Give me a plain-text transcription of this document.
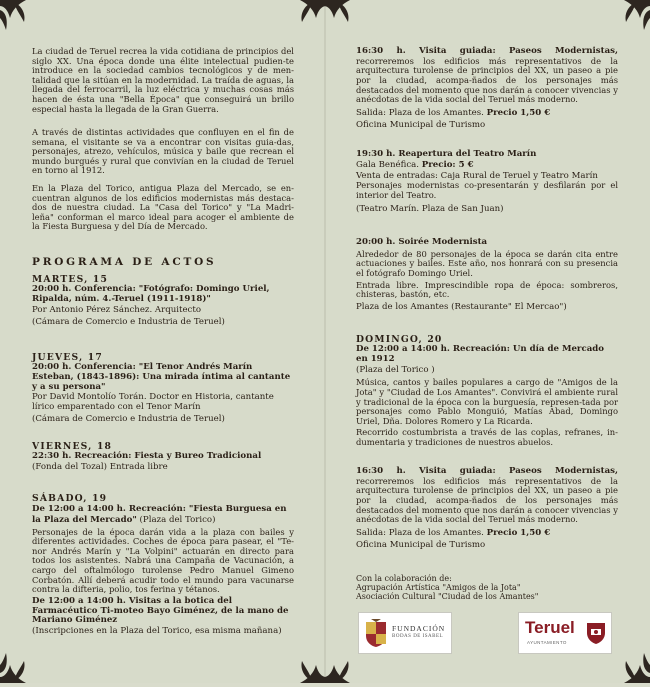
La ciudad de Teruel recrea la vida cotidiana de principios del siglo XX. Una época donde una élite intelectual pudien-te introduce en la sociedad cambios tecnológicos y de men-talidad que la sitúan en la modernidad. La traída de aguas, la llegada del ferrocarril, la luz eléctrica y muchas cosas más hacen de ésta una "Bella Época" que conseguirá un brillo especial hasta la llegada de la Gran Guerra.

A través de distintas actividades que confluyen en el fin de semana, el visitante se va a encontrar con visitas guia-das, personajes, atrezo, vehículos, música y baile que recrean el mundo burgués y rural que convivían en la ciudad de Teruel en torno al 1912.

En la Plaza del Torico, antigua Plaza del Mercado, se en-cuentran algunos de los edificios modernistas más destaca-dos de nuestra ciudad. La "Casa del Torico" y "La Madri-leña" conforman el marco ideal para acoger el ambiente de la Fiesta Burguesa y del Día de Mercado.

PROGRAMA DE ACTOS
MARTES, 15

20:00 h. Conferencia: "Fotógrafo: Domingo Uriel, Ripalda, núm. 4.-Teruel (1911-1918)"

Por Antonio Pérez Sánchez. Arquitecto

(Cámara de Comercio e Industria de Teruel)

JUEVES, 17

20:00 h. Conferencia: "El Tenor Andrés Marín Esteban, (1843-1896): Una mirada íntima al cantante y a su persona"

Por David Montolío Torán. Doctor en Historia, cantante lírico emparentado con el Tenor Marín

(Cámara de Comercio e Industria de Teruel)

VIERNES, 18

22:30 h. Recreación: Fiesta y Bureo Tradicional

(Fonda del Tozal) Entrada libre

SÁBADO, 19

De 12:00 a 14:00 h. Recreación: "Fiesta Burguesa en la Plaza del Mercado" (Plaza del Torico)

Personajes de la época darán vida a la plaza con bailes y diferentes actividades. Coches de época para pasear, el "Te-nor Andrés Marín y "La Volpini" actuarán en directo para todos los asistentes. Nabrá una Campaña de Vacunación, a cargo del oftalmólogo turolense Pedro Manuel Gimeno Corbatón. Allí deberá acudir todo el mundo para vacunarse contra la difteria, polio, tos ferina y tétanos.

De 12:00 a 14:00 h. Visitas a la botica del Farmacéutico Ti-moteo Bayo Giménez, de la mano de Mariano Giménez

(Inscripciones en la Plaza del Torico, esa misma mañana)

16:30 h. Visita guiada: Paseos Modernistas, recorreremos los edificios más representativos de la arquitectura turolense de principios del XX, un paseo a pie por la ciudad, acompa-ñados de los personajes más destacados del momento que nos darán a conocer vivencias y anécdotas de la vida social del Teruel más moderno.

Salida: Plaza de los Amantes. Precio 1,50 €

Oficina Municipal de Turismo

19:30 h. Reapertura del Teatro Marín

Gala Benéfica. Precio: 5 €

Venta de entradas: Caja Rural de Teruel y Teatro Marín

Personajes modernistas co-presentarán y desfilarán por el interior del Teatro.

(Teatro Marín. Plaza de San Juan)

20:00 h. Soirée Modernista

Alrededor de 80 personajes de la época se darán cita entre actuaciones y bailes. Este año, nos honrará con su presencia el fotógrafo Domingo Uriel.

Entrada libre. Imprescindible ropa de época: sombreros, chisteras, bastón, etc.

Plaza de los Amantes (Restaurante" El Mercao")

DOMINGO, 20

De 12:00 a 14:00 h. Recreación: Un día de Mercado en 1912

(Plaza del Torico )

Música, cantos y bailes populares a cargo de "Amigos de la Jota" y "Ciudad de Los Amantes". Convivirá el ambiente rural y tradicional de la época con la burguesía, represen-tada por personajes como Pablo Monguió, Matías Abad, Domingo Uriel, Dña. Dolores Romero y La Ricarda.

Recorrido costumbrista a través de las coplas, refranes, in-dumentaria y tradiciones de nuestros abuelos.

16:30 h. Visita guiada: Paseos Modernistas, recorreremos los edificios más representativos de la arquitectura turolense de principios del XX, un paseo a pie por la ciudad, acompa-ñados de los personajes más destacados del momento que nos darán a conocer vivencias y anécdotas de la vida social del Teruel más moderno.

Salida: Plaza de los Amantes. Precio 1,50 €

Oficina Municipal de Turismo

Con la colaboración de:

Agrupación Artística "Amigos de la Jota"

Asociación Cultural "Ciudad de los Amantes"

FUNDACIÓN
BODAS DE ISABEL	Teruel
AYUNTAMIENTO
